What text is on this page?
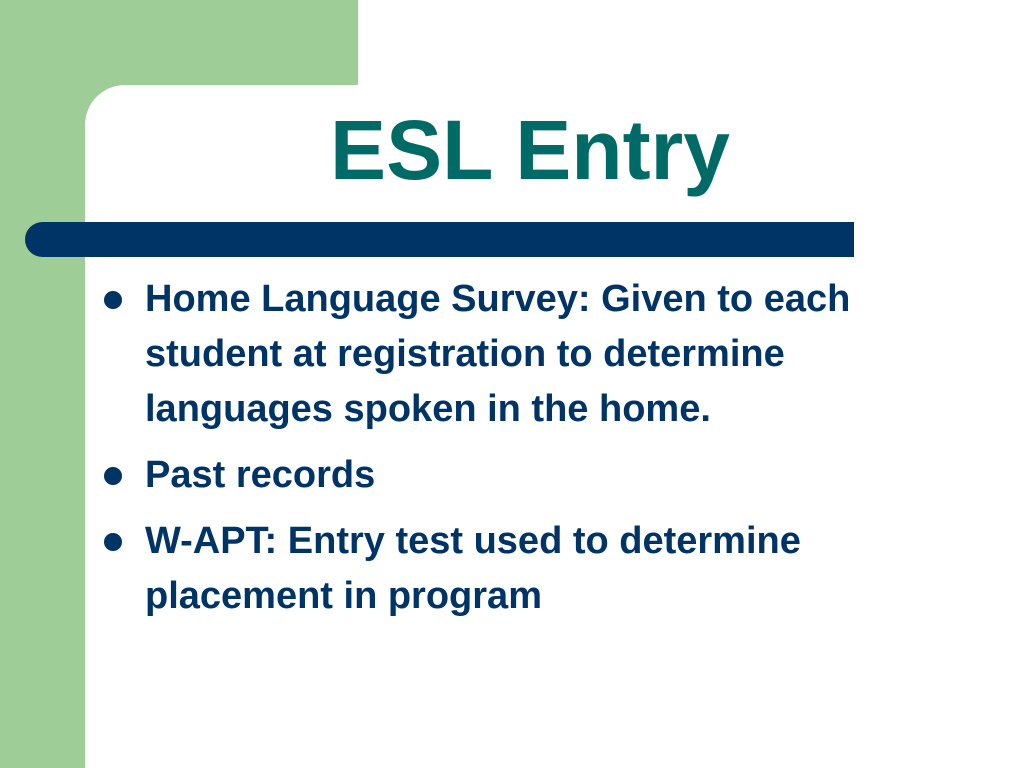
ESL Entry
Home Language Survey: Given to each student at registration to determine languages spoken in the home.
Past records
W-APT: Entry test used to determine placement in program
